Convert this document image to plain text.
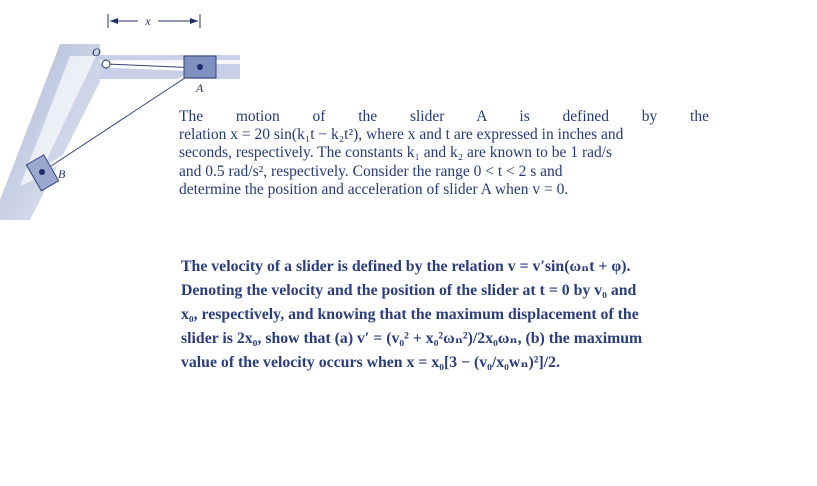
x
O
A
B
The motion of the slider A is defined by the
relation x = 20 sin(k₁t − k₂t²), where x and t are expressed in inches and
seconds, respectively. The constants k₁ and k₂ are known to be 1 rad/s
and 0.5 rad/s², respectively. Consider the range 0 < t < 2 s and
determine the position and acceleration of slider A when v = 0.
The velocity of a slider is defined by the relation v = v′sin(ωₙt + φ).
Denoting the velocity and the position of the slider at t = 0 by v₀ and
x₀, respectively, and knowing that the maximum displacement of the
slider is 2x₀, show that (a) v′ = (v₀² + x₀²ωₙ²)/2x₀ωₙ, (b) the maximum
value of the velocity occurs when x = x₀[3 − (v₀/x₀wₙ)²]/2.
